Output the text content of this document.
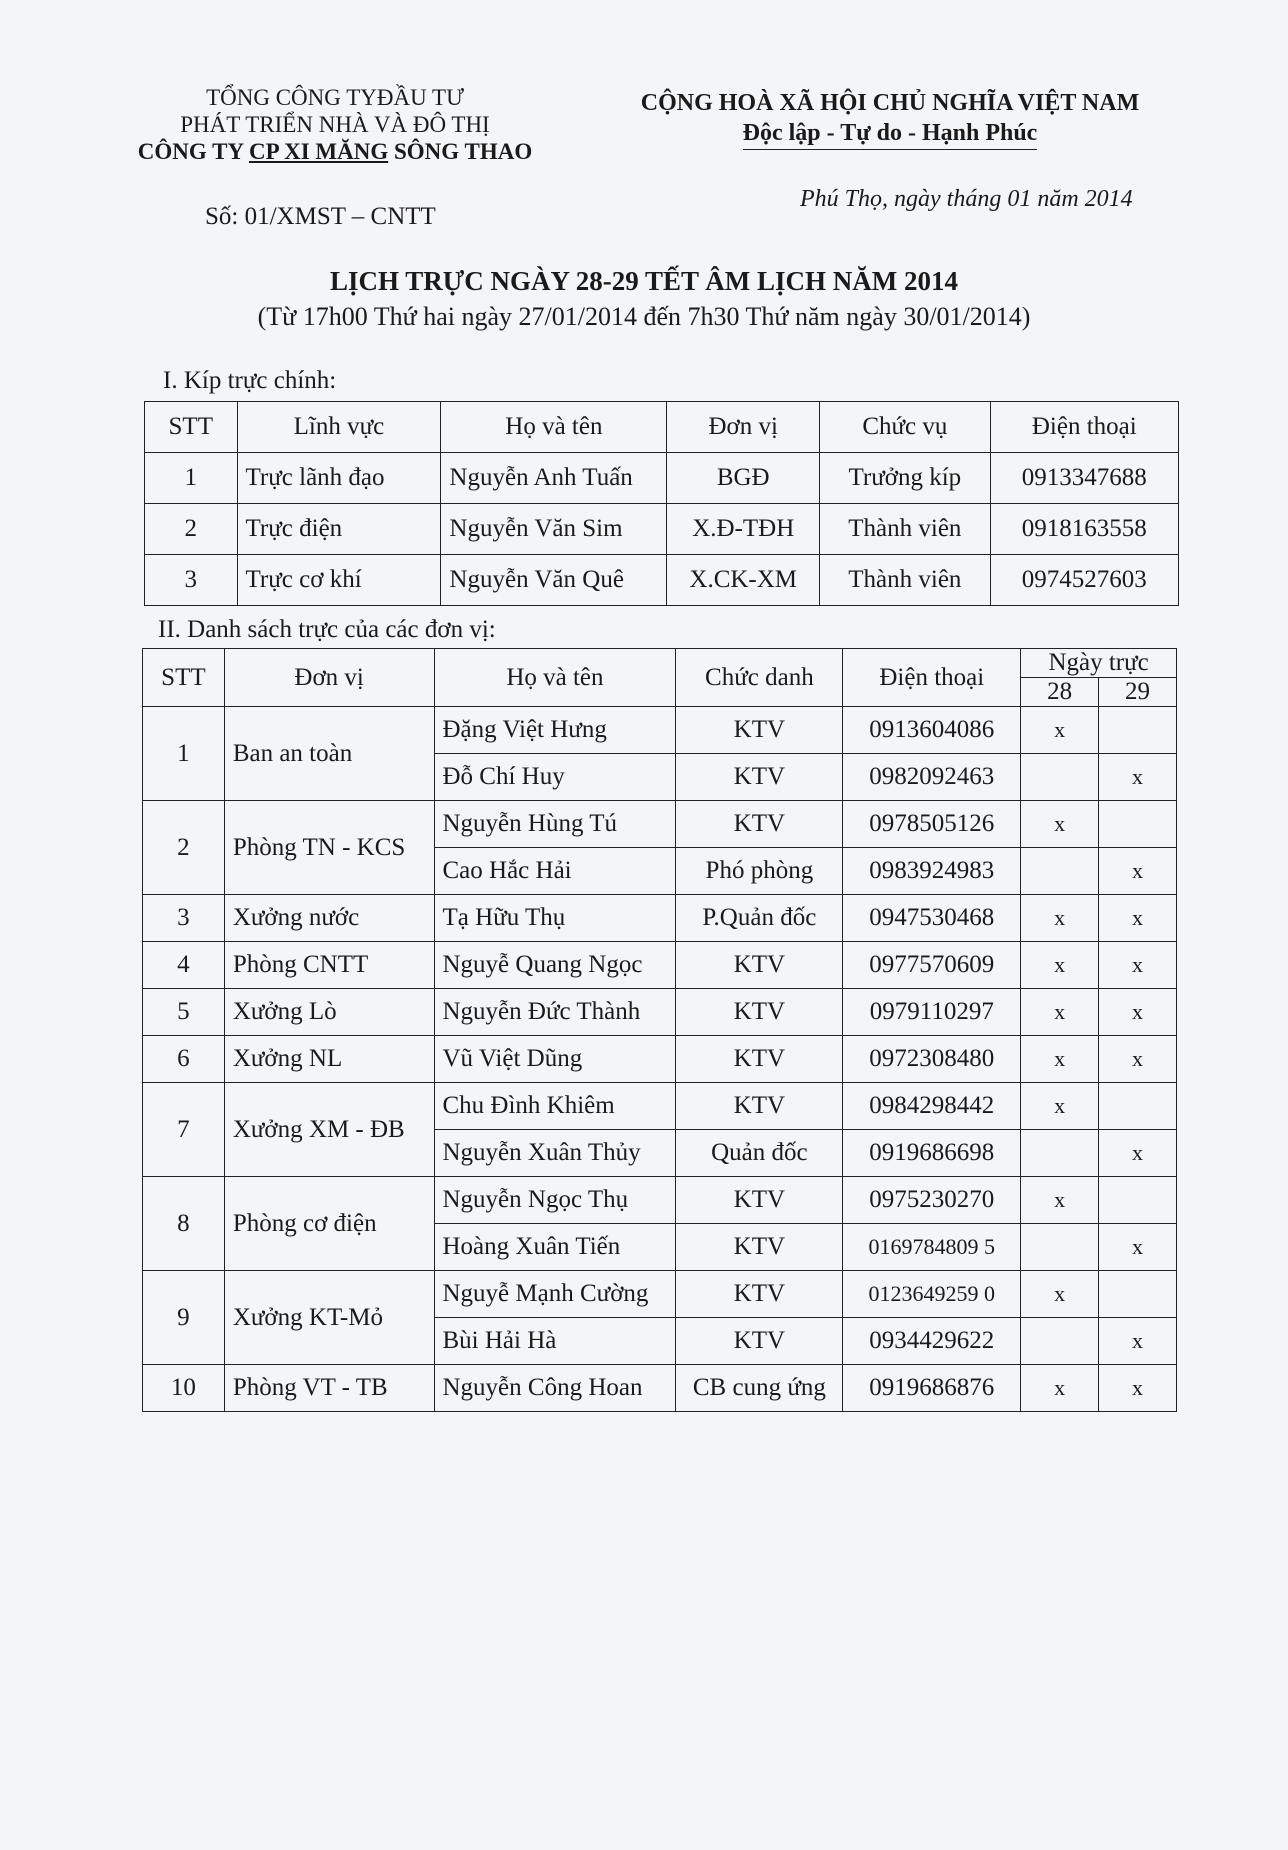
TỔNG CÔNG TYĐẦU TƯ
PHÁT TRIỂN NHÀ VÀ ĐÔ THỊ
CÔNG TY CP XI MĂNG SÔNG THAO
Số: 01/XMST – CNTT
CỘNG HOÀ XÃ HỘI CHỦ NGHĨA VIỆT NAM
Độc lập - Tự do - Hạnh Phúc
Phú Thọ, ngày tháng 01 năm 2014
LỊCH TRỰC NGÀY 28-29 TẾT ÂM LỊCH NĂM 2014
(Từ 17h00 Thứ hai ngày 27/01/2014 đến 7h30 Thứ năm ngày 30/01/2014)
I. Kíp trực chính:
STT	Lĩnh vực	Họ và tên	Đơn vị	Chức vụ	Điện thoại
1	Trực lãnh đạo	Nguyễn Anh Tuấn	BGĐ	Trưởng kíp	0913347688
2	Trực điện	Nguyễn Văn Sim	X.Đ-TĐH	Thành viên	0918163558
3	Trực cơ khí	Nguyễn Văn Quê	X.CK-XM	Thành viên	0974527603
II. Danh sách trực của các đơn vị:
STT	Đơn vị	Họ và tên	Chức danh	Điện thoại	Ngày trực	
					28	29
1	Ban an toàn	Đặng Việt Hưng	KTV	0913604086	x	
		Đỗ Chí Huy	KTV	0982092463		x
2	Phòng TN - KCS	Nguyễn Hùng Tú	KTV	0978505126	x	
		Cao Hắc Hải	Phó phòng	0983924983		x
3	Xưởng nước	Tạ Hữu Thụ	P.Quản đốc	0947530468	x	x
4	Phòng CNTT	Nguyễ Quang Ngọc	KTV	0977570609	x	x
5	Xưởng Lò	Nguyễn Đức Thành	KTV	0979110297	x	x
6	Xưởng NL	Vũ Việt Dũng	KTV	0972308480	x	x
7	Xưởng XM - ĐB	Chu Đình Khiêm	KTV	0984298442	x	
		Nguyễn Xuân Thủy	Quản đốc	0919686698		x
8	Phòng cơ điện	Nguyễn Ngọc Thụ	KTV	0975230270	x	
		Hoàng Xuân Tiến	KTV	0169784809 5		x
9	Xưởng KT-Mỏ	Nguyễ Mạnh Cường	KTV	0123649259 0	x	
		Bùi Hải Hà	KTV	0934429622		x
10	Phòng VT - TB	Nguyễn Công Hoan	CB cung ứng	0919686876	x	x
